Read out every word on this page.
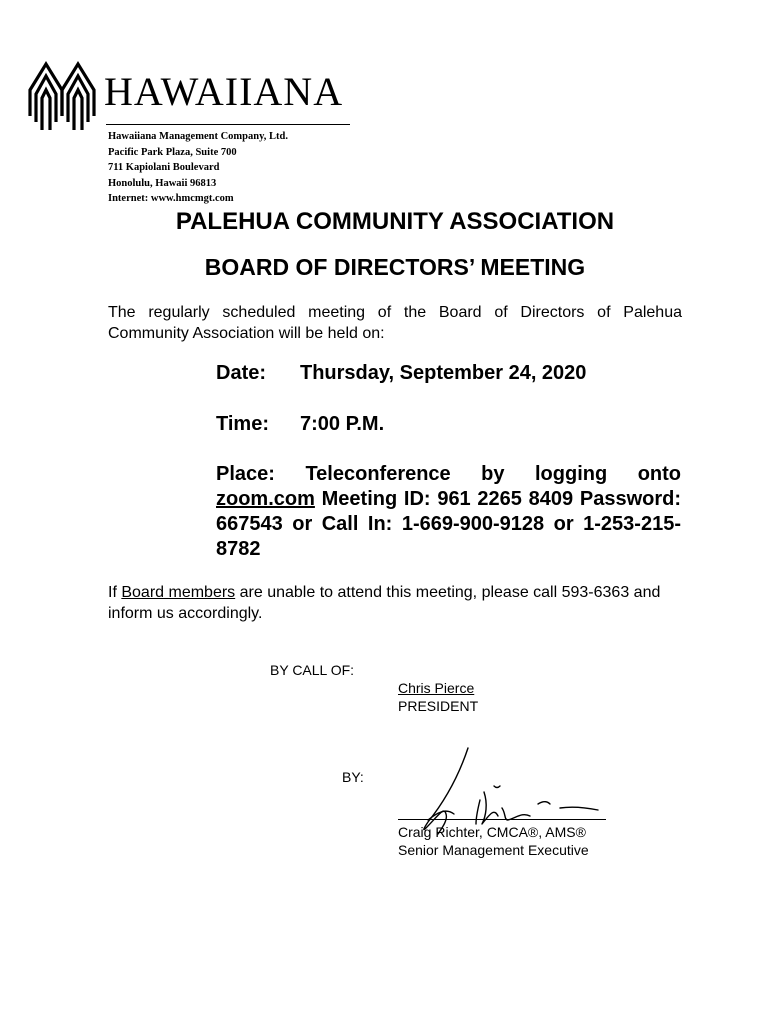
HAWAIIANA
Hawaiiana Management Company, Ltd.
Pacific Park Plaza, Suite 700
711 Kapiolani Boulevard
Honolulu, Hawaii 96813
Internet: www.hmcmgt.com
PALEHUA COMMUNITY ASSOCIATION
BOARD OF DIRECTORS’ MEETING
The regularly scheduled meeting of the Board of Directors of Palehua Community Association will be held on:
Date: Thursday, September 24, 2020
Time: 7:00 P.M.
Place: Teleconference by logging onto zoom.com Meeting ID: 961 2265 8409 Password: 667543 or Call In: 1-669-900-9128 or 1-253-215-8782
If Board members are unable to attend this meeting, please call 593-6363 and inform us accordingly.
BY CALL OF:
Chris Pierce
PRESIDENT
BY:
Craig Richter, CMCA®, AMS®
Senior Management Executive
